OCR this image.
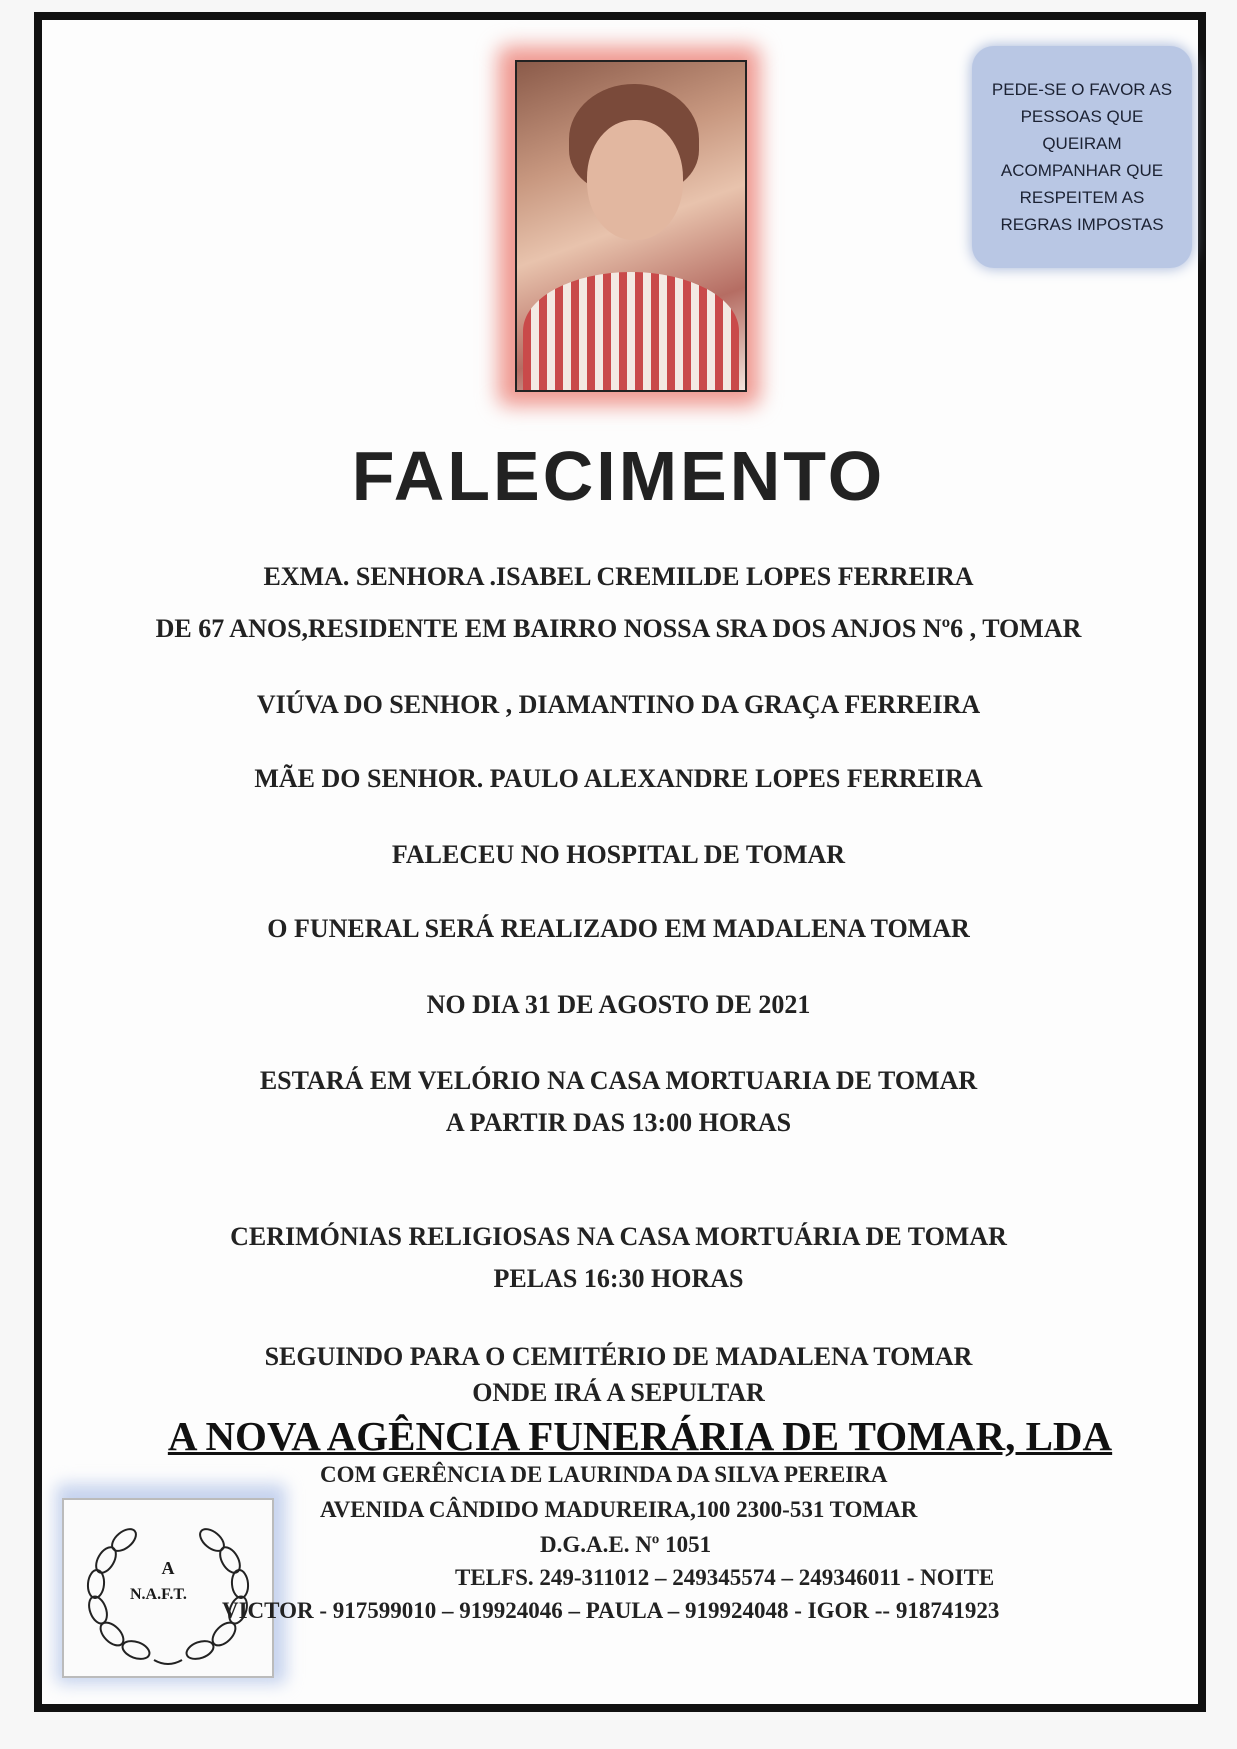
PEDE-SE O FAVOR AS PESSOAS QUE QUEIRAM ACOMPANHAR QUE RESPEITEM AS REGRAS IMPOSTAS
FALECIMENTO
EXMA. SENHORA .ISABEL CREMILDE LOPES FERREIRA
DE 67 ANOS,RESIDENTE EM BAIRRO NOSSA SRA DOS ANJOS Nº6 , TOMAR
VIÚVA DO SENHOR , DIAMANTINO DA GRAÇA FERREIRA
MÃE DO SENHOR. PAULO ALEXANDRE LOPES FERREIRA
FALECEU NO HOSPITAL DE TOMAR
O FUNERAL SERÁ REALIZADO EM MADALENA TOMAR
NO DIA 31 DE AGOSTO DE 2021
ESTARÁ EM VELÓRIO NA CASA MORTUARIA DE TOMAR
A PARTIR DAS 13:00 HORAS
CERIMÓNIAS RELIGIOSAS NA CASA MORTUÁRIA DE TOMAR
PELAS 16:30 HORAS
SEGUINDO PARA O CEMITÉRIO DE MADALENA TOMAR
ONDE IRÁ A SEPULTAR
A NOVA AGÊNCIA FUNERÁRIA DE TOMAR, LDA
A
N.A.F.T.
COM GERÊNCIA DE LAURINDA DA SILVA PEREIRA
AVENIDA CÂNDIDO MADUREIRA,100 2300-531 TOMAR
D.G.A.E. Nº 1051
TELFS. 249-311012 – 249345574 – 249346011 - NOITE
VICTOR - 917599010 – 919924046 – PAULA – 919924048 - IGOR -- 918741923
